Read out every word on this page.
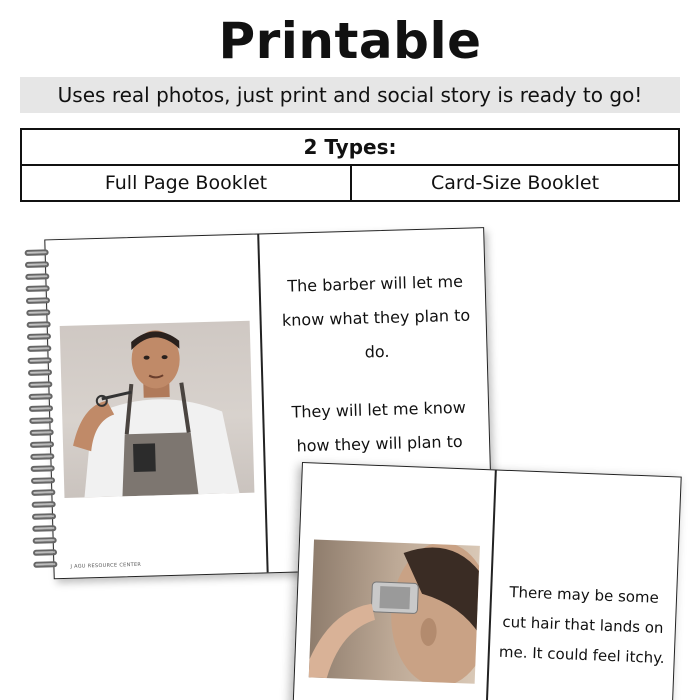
Printable
Uses real photos, just print and social story is ready to go!
2 Types:
Full Page Booklet	Card-Size Booklet

The barber will let me know what they plan to do.

They will let me know how they will plan to

J AGU RESOURCE CENTER
There may be some cut hair that lands on me. It could feel itchy.
